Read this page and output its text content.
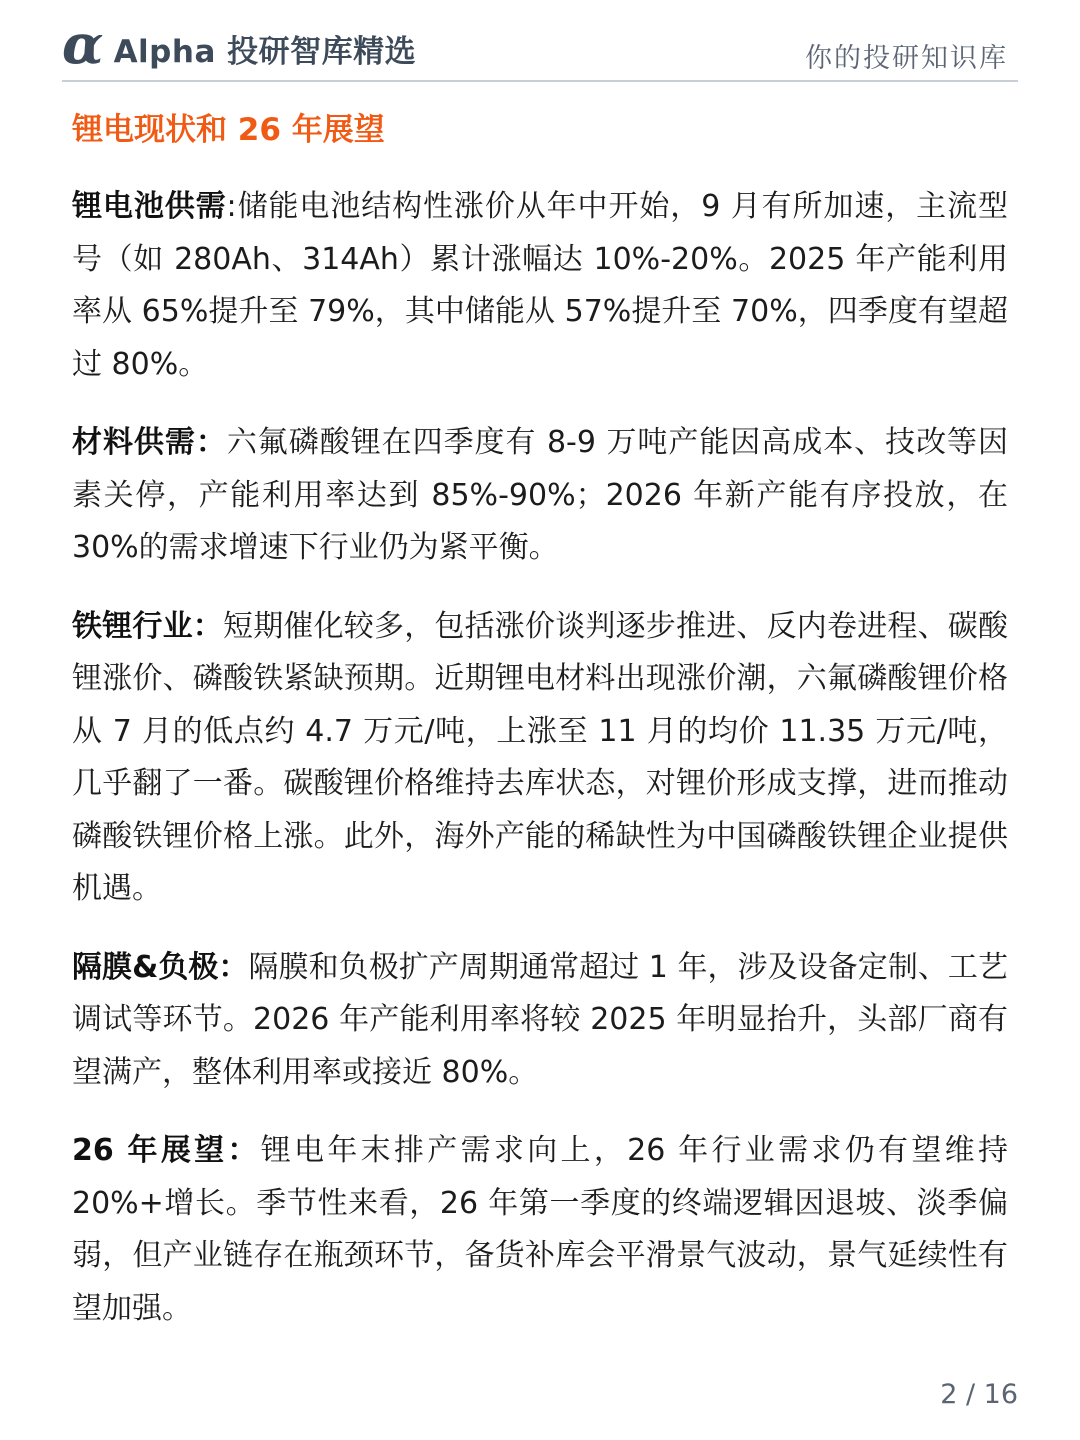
α Alpha 投研智库精选	你的投研知识库
锂电现状和 26 年展望

锂电池供需:储能电池结构性涨价从年中开始，9 月有所加速，主流型号（如 280Ah、314Ah）累计涨幅达 10%-20%。2025 年产能利用率从 65%提升至 79%，其中储能从 57%提升至 70%，四季度有望超过 80%。

材料供需：六氟磷酸锂在四季度有 8-9 万吨产能因高成本、技改等因素关停，产能利用率达到 85%-90%；2026 年新产能有序投放，在 30%的需求增速下行业仍为紧平衡。

铁锂行业：短期催化较多，包括涨价谈判逐步推进、反内卷进程、碳酸锂涨价、磷酸铁紧缺预期。近期锂电材料出现涨价潮，六氟磷酸锂价格从 7 月的低点约 4.7 万元/吨，上涨至 11 月的均价 11.35 万元/吨，几乎翻了一番。碳酸锂价格维持去库状态，对锂价形成支撑，进而推动磷酸铁锂价格上涨。此外，海外产能的稀缺性为中国磷酸铁锂企业提供机遇。

隔膜&负极：隔膜和负极扩产周期通常超过 1 年，涉及设备定制、工艺调试等环节。2026 年产能利用率将较 2025 年明显抬升，头部厂商有望满产，整体利用率或接近 80%。

26 年展望：锂电年末排产需求向上，26 年行业需求仍有望维持 20%+增长。季节性来看，26 年第一季度的终端逻辑因退坡、淡季偏弱，但产业链存在瓶颈环节，备货补库会平滑景气波动，景气延续性有望加强。

2 / 16
